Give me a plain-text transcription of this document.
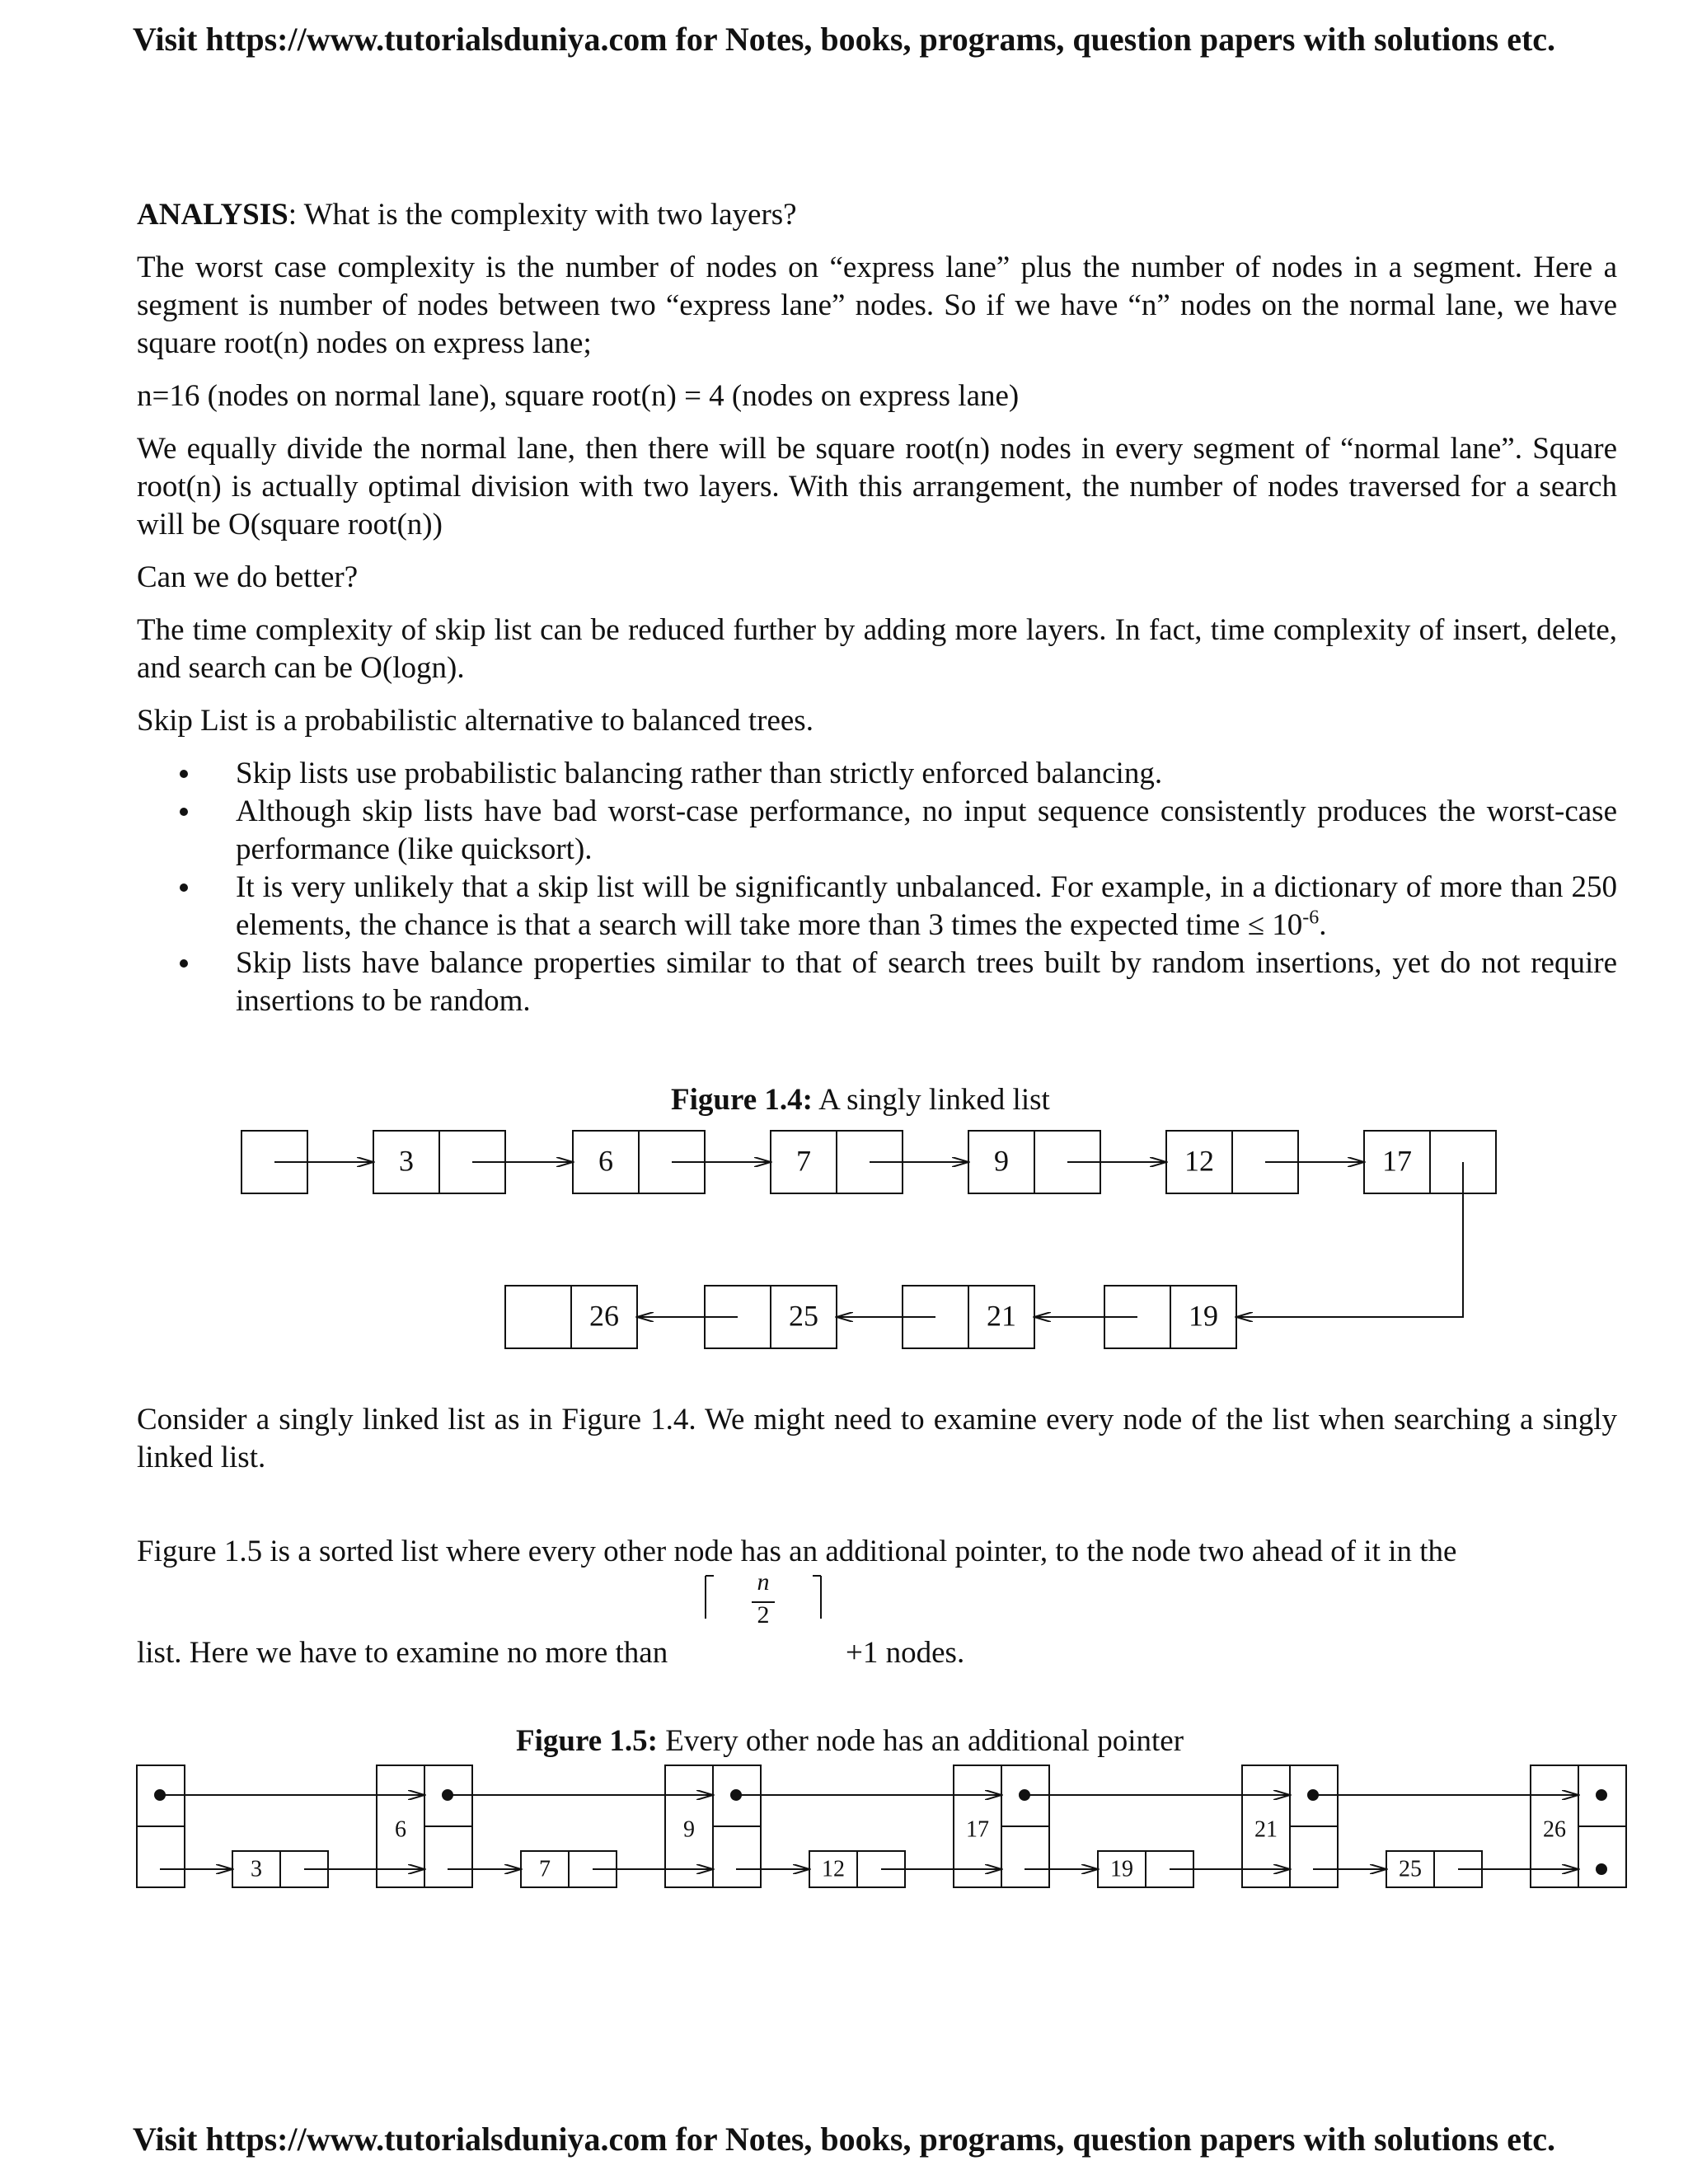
Visit https://www.tutorialsduniya.com for Notes, books, programs, question papers with solutions etc.

ANALYSIS: What is the complexity with two layers?

The worst case complexity is the number of nodes on “express lane” plus the number of nodes in a segment. Here a segment is number of nodes between two “express lane” nodes. So if we have “n” nodes on the normal lane, we have square root(n) nodes on express lane;

n=16 (nodes on normal lane), square root(n) = 4 (nodes on express lane)

We equally divide the normal lane, then there will be square root(n) nodes in every segment of “normal lane”. Square root(n) is actually optimal division with two layers. With this arrangement, the number of nodes traversed for a search will be O(square root(n))

Can we do better?

The time complexity of skip list can be reduced further by adding more layers. In fact, time complexity of insert, delete, and search can be O(logn).

Skip List is a probabilistic alternative to balanced trees.

Skip lists use probabilistic balancing rather than strictly enforced balancing.
Although skip lists have bad worst-case performance, no input sequence consistently produces the worst-case performance (like quicksort).
It is very unlikely that a skip list will be significantly unbalanced. For example, in a dictionary of more than 250 elements, the chance is that a search will take more than 3 times the expected time ≤ $10^{-6}$.
Skip lists have balance properties similar to that of search trees built by random insertions, yet do not require insertions to be random.
Figure 1.4: A singly linked list
3	6	7	9	12	17
26	25	21	19
Consider a singly linked list as in Figure 1.4. We might need to examine every node of the list when searching a singly linked list.
Figure 1.5 is a sorted list where every other node has an additional pointer, to the node two ahead of it in the
list. Here we have to examine no more than
n
2
+1 nodes.
Figure 1.5: Every other node has an additional pointer
3
6
7
9
12
17
19
21
25
26
Visit https://www.tutorialsduniya.com for Notes, books, programs, question papers with solutions etc.
